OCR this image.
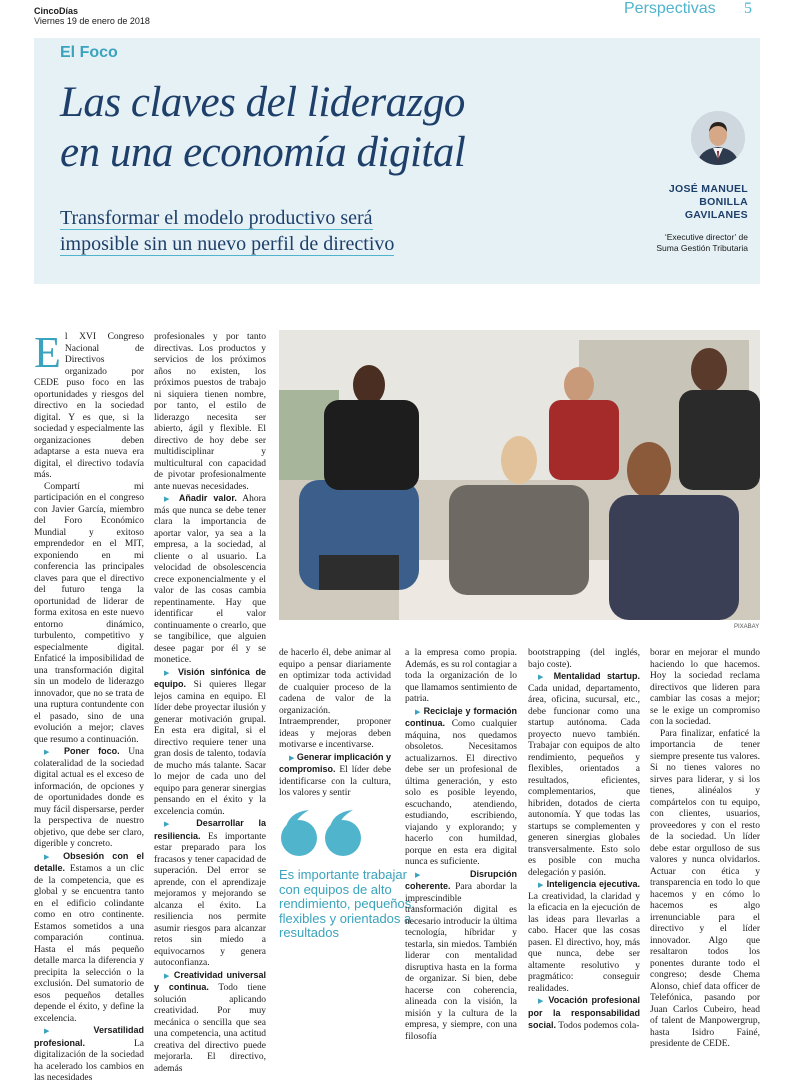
CincoDías
Viernes 19 de enero de 2018
Perspectivas 5
El Foco
Las claves del liderazgo
en una economía digital
Transformar el modelo productivo será
imposible sin un nuevo perfil de directivo
JOSÉ MANUEL
BONILLA
GAVILANES
‘Executive director’ de
Suma Gestión Tributaria
PIXABAY

El XVI Congreso Nacional de Directivos organizado por CEDE puso foco en las oportunidades y riesgos del directivo en la sociedad digital. Y es que, si la sociedad y especialmente las organizaciones deben adaptarse a esta nueva era digital, el directivo todavía más.

Compartí mi participación en el congreso con Javier García, miembro del Foro Económico Mundial y exitoso emprendedor en el MIT, exponiendo en mi conferencia las principales claves para que el directivo del futuro tenga la oportunidad de liderar de forma exitosa en este nuevo entorno dinámico, turbulento, competitivo y especialmente digital. Enfaticé la imposibilidad de una transformación digital sin un modelo de liderazgo innovador, que no se trata de una ruptura contundente con el pasado, sino de una evolución a mejor; claves que resumo a continuación.

▶ Poner foco. Una colateralidad de la sociedad digital actual es el exceso de información, de opciones y de oportunidades donde es muy fácil dispersarse, perder la perspectiva de nuestro objetivo, que debe ser claro, digerible y concreto.

▶ Obsesión con el detalle. Estamos a un clic de la competencia, que es global y se encuentra tanto en el edificio colindante como en otro continente. Estamos sometidos a una comparación continua. Hasta el más pequeño detalle marca la diferencia y precipita la selección o la exclusión. Del sumatorio de esos pequeños detalles depende el éxito, y define la excelencia.

▶	Versatilidad profesional.	La digitalización de la sociedad ha acelerado los cambios en las necesidades

profesionales y por tanto directivas. Los productos y servicios de los próximos años no existen, los próximos puestos de trabajo ni siquiera tienen nombre, por tanto, el estilo de liderazgo necesita ser abierto, ágil y flexible. El directivo de hoy debe ser multidisciplinar y multicultural con capacidad de pivotar profesionalmente ante nuevas necesidades.

▶ Añadir valor. Ahora más que nunca se debe tener clara la importancia de aportar valor, ya sea a la empresa, a la sociedad, al cliente o al usuario. La velocidad de obsolescencia crece exponencialmente y el valor de las cosas cambia repentinamente. Hay que identificar el valor continuamente o crearlo, que se tangibilice, que alguien desee pagar por él y se monetice.

▶ Visión sinfónica de equipo. Si quieres llegar lejos camina en equipo. El líder debe proyectar ilusión y generar motivación grupal. En esta era digital, si el directivo requiere tener una gran dosis de talento, todavía de mucho más talante. Sacar lo mejor de cada uno del equipo para generar sinergias pensando en el éxito y la excelencia común.

▶ Desarrollar la resiliencia. Es importante estar preparado para los fracasos y tener capacidad de superación. Del error se aprende, con el aprendizaje mejoramos y mejorando se alcanza el éxito. La resiliencia nos permite asumir riesgos para alcanzar retos sin miedo a equivocarnos y genera autoconfianza.

▶ Creatividad universal y continua. Todo tiene solución aplicando creatividad. Por muy mecánica o sencilla que sea una competencia, una actitud creativa del directivo puede mejorarla. El directivo, además

de hacerlo él, debe animar al equipo a pensar diariamente en optimizar toda actividad de cualquier proceso de la cadena de valor de la organización. Intraemprender, proponer ideas y mejoras deben motivarse e incentivarse.

▶ Generar implicación y compromiso. El líder debe identificarse con la cultura, los valores y sentir

Es importante trabajar con equipos de alto rendimiento, pequeños, flexibles y orientados a resultados

a la empresa como propia. Además, es su rol contagiar a toda la organización de lo que llamamos sentimiento de patria.

▶ Reciclaje y formación continua. Como cualquier máquina, nos quedamos obsoletos. Necesitamos actualizarnos. El directivo debe ser un profesional de última generación, y esto solo es posible leyendo, escuchando, atendiendo, estudiando, escribiendo, viajando y explorando; y hacerlo con humildad, porque en esta era digital nunca es suficiente.

▶	Disrupción coherente. Para abordar la imprescindible transformación digital es necesario introducir la última tecnología, híbridar y testarla, sin miedos. También liderar con mentalidad disruptiva hasta en la forma de organizar. Si bien, debe hacerse con coherencia, alineada con la visión, la misión y la cultura de la empresa, y siempre, con una filosofía

bootstrapping (del inglés, bajo coste).

▶ Mentalidad startup. Cada unidad, departamento, área, oficina, sucursal, etc., debe funcionar como una startup autónoma. Cada proyecto nuevo también. Trabajar con equipos de alto rendimiento, pequeños y flexibles, orientados a resultados, eficientes, complementarios, que hibriden, dotados de cierta autonomía. Y que todas las startups se complementen y generen sinergias globales transversalmente. Esto solo es posible con mucha delegación y pasión.

▶ Inteligencia ejecutiva. La creatividad, la claridad y la eficacia en la ejecución de las ideas para llevarlas a cabo. Hacer que las cosas pasen. El directivo, hoy, más que nunca, debe ser altamente resolutivo y pragmático: conseguir realidades.

▶ Vocación profesional por la responsabilidad social. Todos podemos cola-

borar en mejorar el mundo haciendo lo que hacemos. Hoy la sociedad reclama directivos que lideren para cambiar las cosas a mejor; se le exige un compromiso con la sociedad.

Para finalizar, enfaticé la importancia de tener siempre presente tus valores. Si no tienes valores no sirves para liderar, y si los tienes, alinéalos y compártelos con tu equipo, con clientes, usuarios, proveedores y con el resto de la sociedad. Un líder debe estar orgulloso de sus valores y nunca olvidarlos. Actuar con ética y transparencia en todo lo que hacemos y en cómo lo hacemos es algo irrenunciable para el directivo y el líder innovador. Algo que resaltaron todos los ponentes durante todo el congreso; desde Chema Alonso, chief data officer de Telefónica, pasando por Juan Carlos Cubeiro, head of talent de Manpowergrup, hasta Isidro Fainé, presidente de CEDE.
